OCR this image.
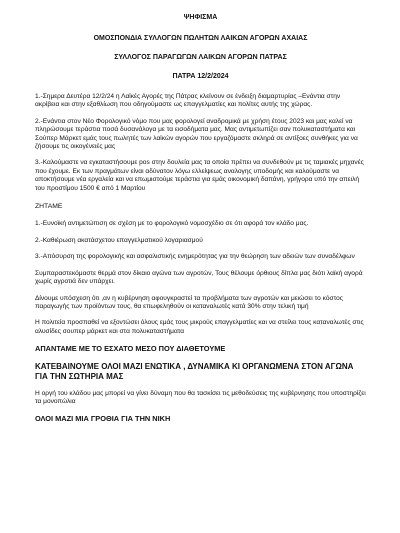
ΨΗΦΙΣΜΑ
ΟΜΟΣΠΟΝΔΙΑ ΣΥΛΛΟΓΩΝ ΠΩΛΗΤΩΝ ΛΑΙΚΩΝ ΑΓΟΡΩΝ ΑΧΑΙΑΣ
ΣΥΛΛΟΓΟΣ ΠΑΡΑΓΩΓΩΝ ΛΑΙΚΩΝ ΑΓΟΡΩΝ ΠΑΤΡΑΣ
ΠΑΤΡΑ 12/2/2024

1.-Σημερα Δευτέρα 12/2/24 η Λαϊκές Αγορές της Πάτρας κλείνουν σε ένδειξη διαμαρτυρίας –Ενάντια στην ακρίβεια και στην εξαθλίωση που οδηγούμαστε ως επαγγελματίες και πολίτες αυτής της χώρας.

2.-Ενάντια στον Νέο Φορολογικό νόμο που μας φορολογεί αναδρομικά με χρήση έτους 2023 και μας καλεί να πληρώσουμε τεράστια ποσά δυσανάλογα με τα εισοδήματα μας. Μας αντιμετωπίζει σαν πολυκαταστήματα και Σούπερ Μάρκετ εμάς τους πωλητές των λαϊκών αγορών που εργαζόμαστε σκληρά σε αντίξοες συνθήκες για να ζήσουμε τις οικογένειές μας

3.-Καλούμαστε να εγκαταστήσουμε pos στην δουλεία μας τα οποία πρέπει να συνδεθούν με τις ταμιακές μηχανές που έχουμε. Εκ των πραγμάτων είναι αδύνατον λόγω ελλείψεως αναλογης υποδομής και καλούμαστε να αποκτήσουμε νέα εργαλεία και να επωμιστούμε τεράστια για εμάς οικονομική δαπάνη, γρήγορα υπό την απειλή του προστίμου 1500 € από 1 Μαρτίου

ΖΗΤΑΜΕ

1.-Ευνοϊκή αντιμετώπιση σε σχέση με το φορολογικό νομοσχέδιο σε ότι αφορά τον κλάδο μας.

2.-Καθιέρωση ακατάσχετου επαγγελματικού λογαριασμού

3.-Απόσυρση της φορολογικής και ασφαλιστικής ενημερότητας για την θεώρηση των αδειών των συναδέλφων

Συμπαραστεκόμαστε θερμά στον δίκαιο αγώνα των αγροτών, Τους θέλουμε όρθιους δίπλα μας διότι λαϊκή αγορά χωρίς αγροτιά δεν υπάρχει.

Δίνουμε υπόσχεση ότι ,αν η κυβέρνηση αφουγκραστεί τα προβλήματα των αγροτών και μειώσει το κόστος παραγωγής των προϊόντων τους, θα επωφεληθούν οι καταναλωτές κατά 30% στην τελική τιμή

Η πολιτεία προσπαθεί να εξοντώσει όλους εμάς τους μικρούς επαγγελματίες και να στείλει τους καταναλωτές στις αλυσίδες σουπερ μάρκετ και στα πολυκαταστήματα

ΑΠΑΝΤΑΜΕ ΜΕ ΤΟ ΕΣΧΑΤΟ ΜΕΣΟ ΠΟΥ ΔΙΑΘΕΤΟΥΜΕ

ΚΑΤΕΒΑΙΝΟΥΜΕ ΟΛΟΙ ΜΑΖΙ ΕΝΩΤΙΚΑ , ΔΥΝΑΜΙΚΑ ΚΙ ΟΡΓΑΝΩΜΕΝΑ ΣΤΟΝ ΑΓΩΝΑ ΓΙΑ ΤΗΝ ΣΩΤΗΡΙΑ ΜΑΣ

Η οργή του κλάδου μας μπορεί να γίνει δύναμη που θα τασκίσει τις μεθοδεύσεις της κυβέρνησης που υποστηρίζει τα μονοπώλια

ΟΛΟΙ ΜΑΖΙ ΜΙΑ ΓΡΟΘΙΑ ΓΙΑ ΤΗΝ ΝΙΚΗ
